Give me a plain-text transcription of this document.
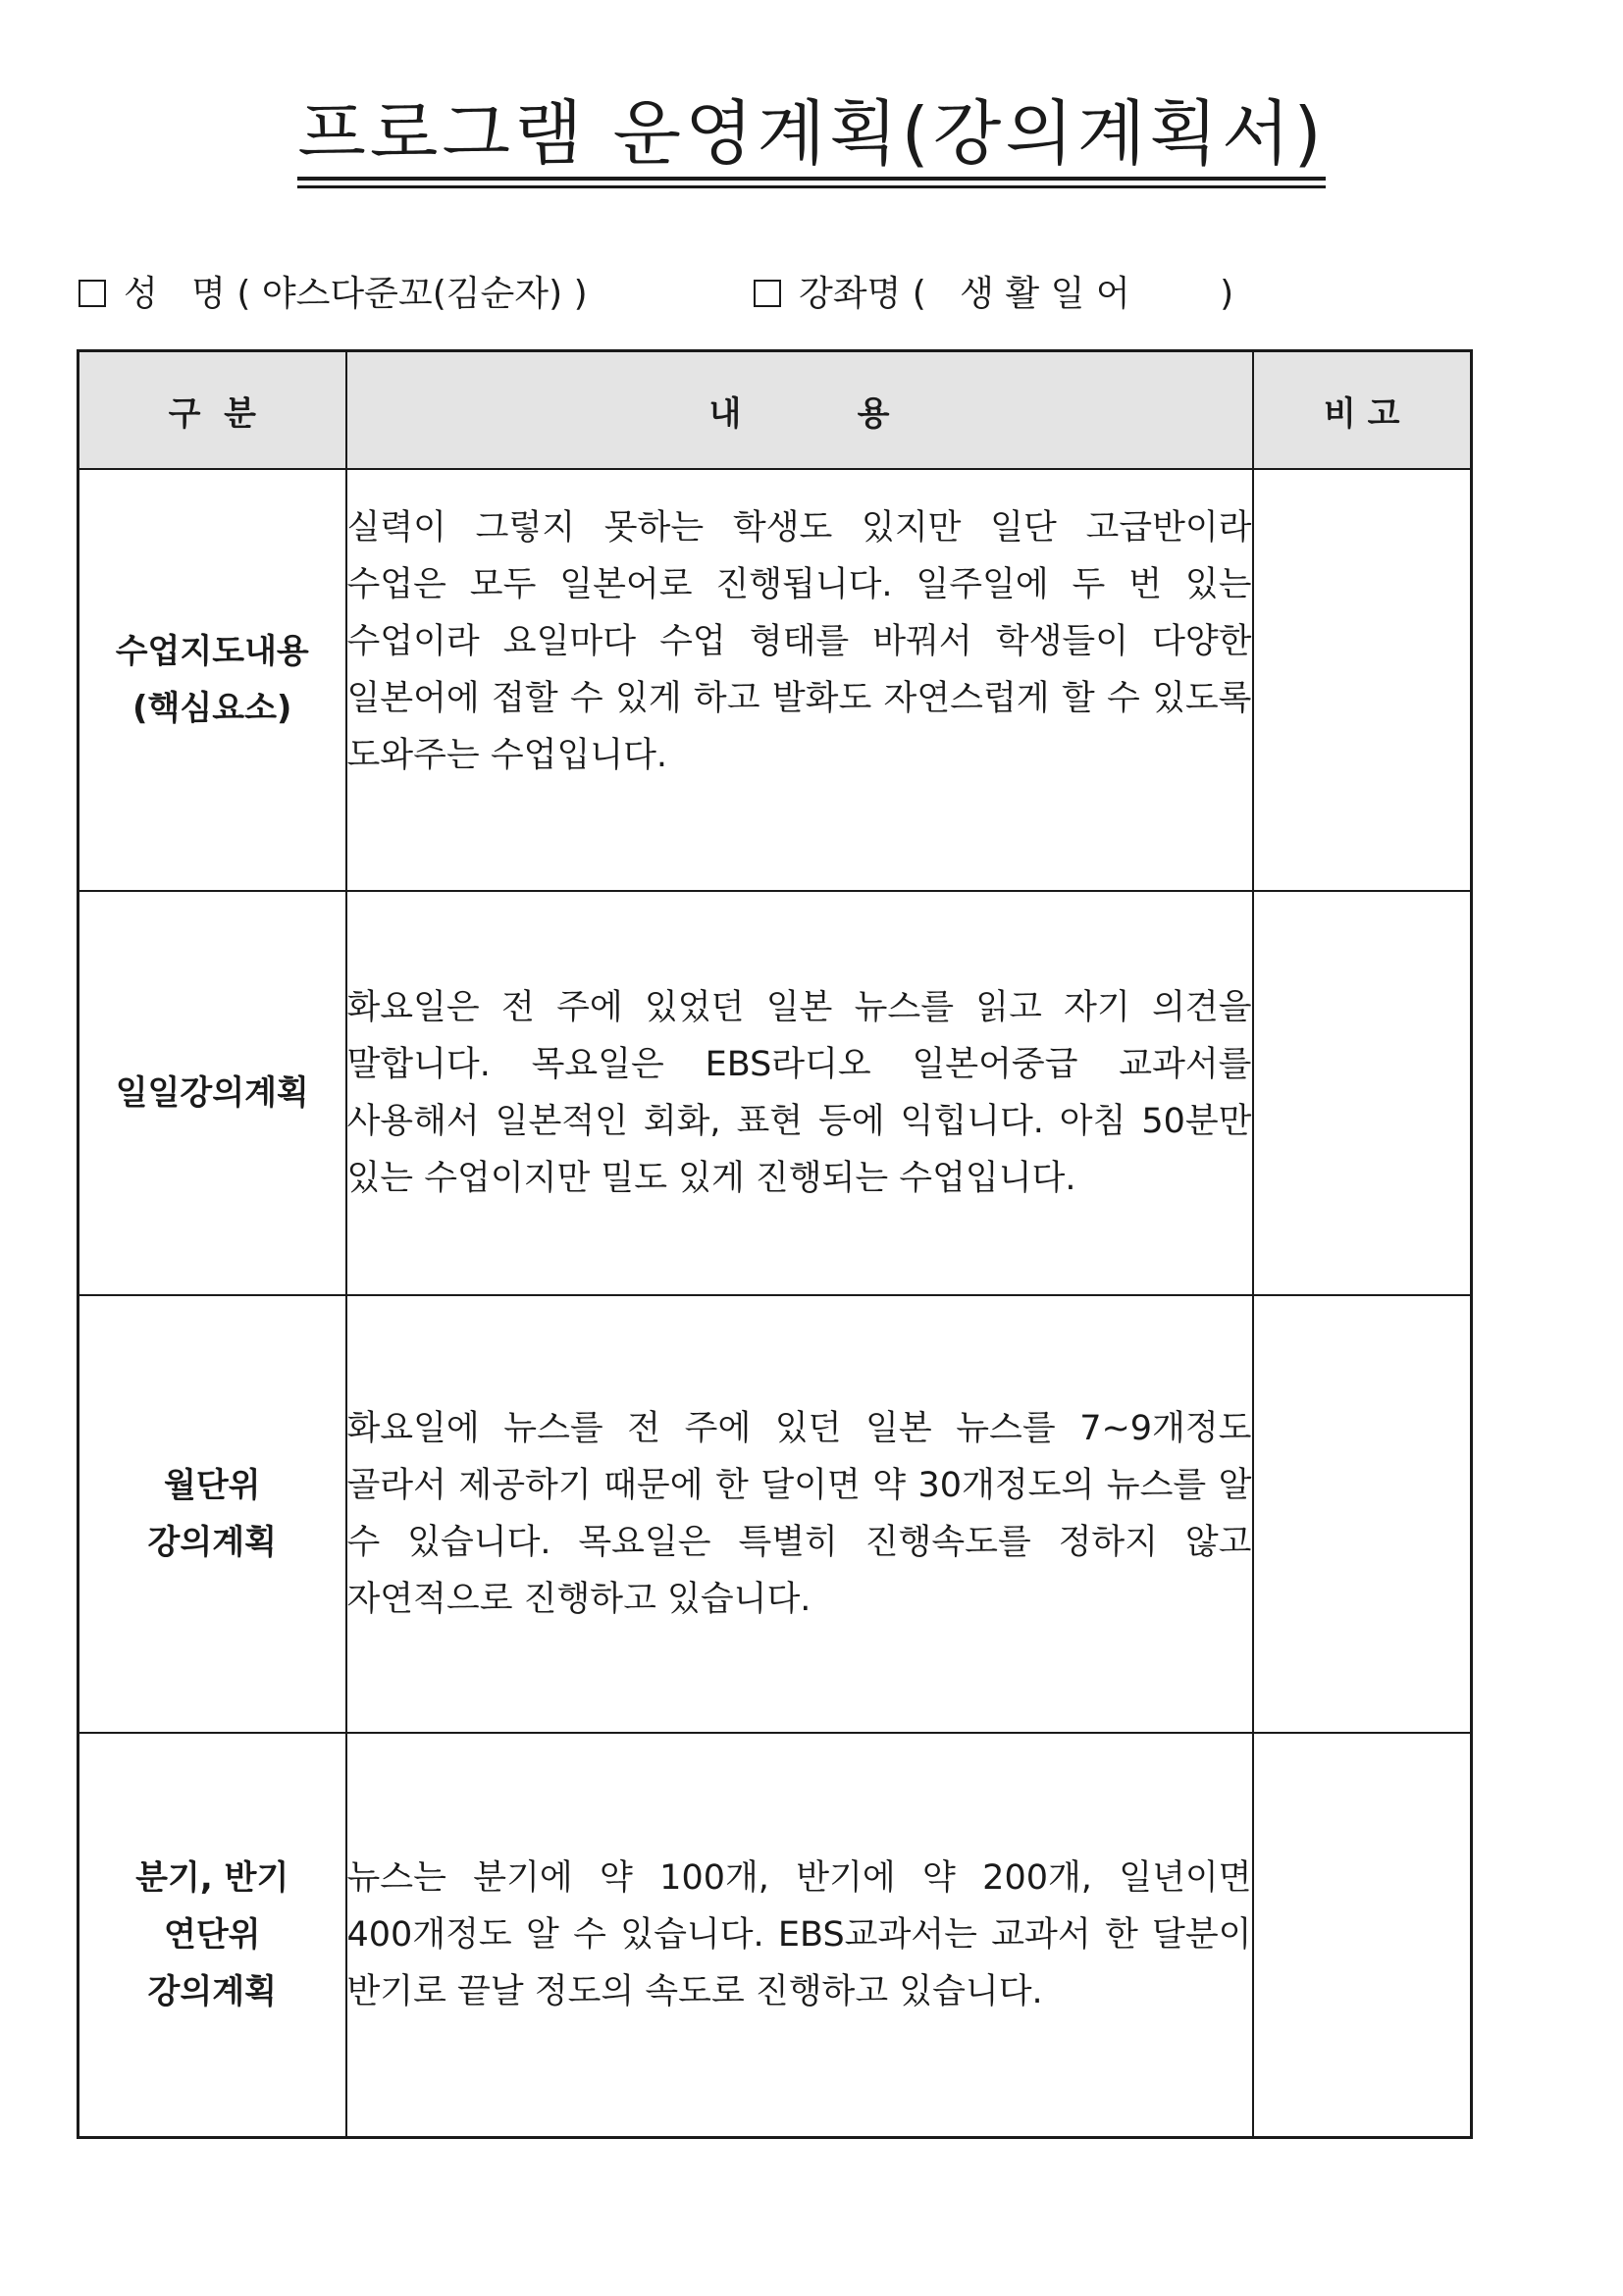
프로그램 운영계획(강의계획서)
성   명 ( 야스다준꼬(김순자) )	강좌명 (   생 활 일 어        )
구  분	내          용	비 고

수업지도내용
(핵심요소)	실력이 그렇지 못하는 학생도 있지만 일단 고급반이라 수업은 모두 일본어로 진행됩니다. 일주일에 두 번 있는 수업이라 요일마다 수업 형태를 바꿔서 학생들이 다양한 일본어에 접할 수 있게 하고 발화도 자연스럽게 할 수 있도록 도와주는 수업입니다.	

일일강의계획	화요일은 전 주에 있었던 일본 뉴스를 읽고 자기 의견을 말합니다. 목요일은 EBS라디오 일본어중급 교과서를 사용해서 일본적인 회화, 표현 등에 익힙니다. 아침 50분만 있는 수업이지만 밀도 있게 진행되는 수업입니다.	

월단위
강의계획	화요일에 뉴스를 전 주에 있던 일본 뉴스를 7~9개정도 골라서 제공하기 때문에 한 달이면 약 30개정도의 뉴스를 알 수 있습니다. 목요일은 특별히 진행속도를 정하지 않고 자연적으로 진행하고 있습니다.	

분기, 반기
연단위
강의계획	뉴스는 분기에 약 100개, 반기에 약 200개, 일년이면 400개정도 알 수 있습니다. EBS교과서는 교과서 한 달분이 반기로 끝날 정도의 속도로 진행하고 있습니다.	
